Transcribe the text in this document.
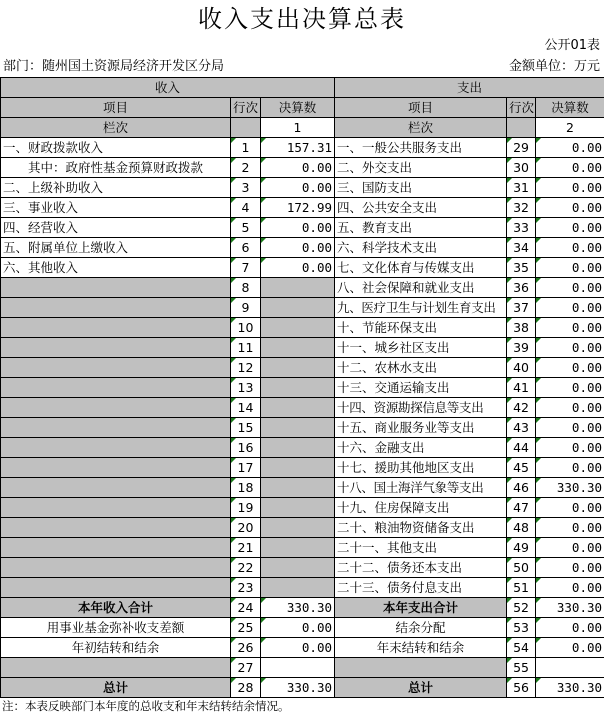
收入支出决算总表
公开01表
部门：随州国土资源局经济开发区分局	金额单位：万元
收入			支出		
项目	行次	决算数	项目	行次	决算数
栏次		1	栏次		2
一、财政拨款收入	1	157.31	一、一般公共服务支出	29	0.00
其中：政府性基金预算财政拨款	2	0.00	二、外交支出	30	0.00
二、上级补助收入	3	0.00	三、国防支出	31	0.00
三、事业收入	4	172.99	四、公共安全支出	32	0.00
四、经营收入	5	0.00	五、教育支出	33	0.00
五、附属单位上缴收入	6	0.00	六、科学技术支出	34	0.00
六、其他收入	7	0.00	七、文化体育与传媒支出	35	0.00
	8		八、社会保障和就业支出	36	0.00
	9		九、医疗卫生与计划生育支出	37	0.00
	10		十、节能环保支出	38	0.00
	11		十一、城乡社区支出	39	0.00
	12		十二、农林水支出	40	0.00
	13		十三、交通运输支出	41	0.00
	14		十四、资源勘探信息等支出	42	0.00
	15		十五、商业服务业等支出	43	0.00
	16		十六、金融支出	44	0.00
	17		十七、援助其他地区支出	45	0.00
	18		十八、国土海洋气象等支出	46	330.30
	19		十九、住房保障支出	47	0.00
	20		二十、粮油物资储备支出	48	0.00
	21		二十一、其他支出	49	0.00
	22		二十二、债务还本支出	50	0.00
	23		二十三、债务付息支出	51	0.00
本年收入合计	24	330.30	本年支出合计	52	330.30
用事业基金弥补收支差额	25	0.00	结余分配	53	0.00
年初结转和结余	26	0.00	年末结转和结余	54	0.00
	27			55	
总计	28	330.30	总计	56	330.30
注：本表反映部门本年度的总收支和年末结转结余情况。
